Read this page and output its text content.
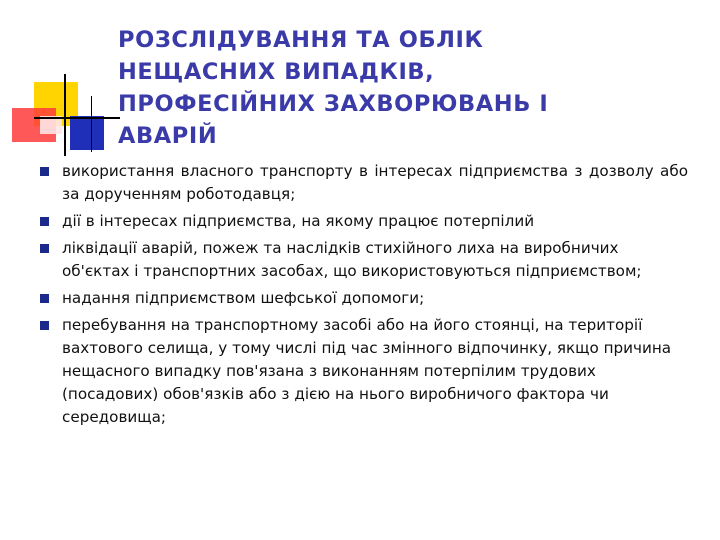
РОЗСЛІДУВАННЯ ТА ОБЛІК
НЕЩАСНИХ ВИПАДКІВ,
ПРОФЕСІЙНИХ ЗАХВОРЮВАНЬ І
АВАРІЙ
використання власного транспорту в інтересах підприємства з дозволу або за дорученням роботодавця;
дії в інтересах підприємства, на якому працює потерпілий
ліквідації аварій, пожеж та наслідків стихійного лиха на виробничих об'єктах і транспортних засобах, що використовуються підприємством;
надання підприємством шефської допомоги;
перебування на транспортному засобі або на його стоянці, на території вахтового селища, у тому числі під час змінного відпочинку, якщо причина нещасного випадку пов'язана з виконанням потерпілим трудових (посадових) обов'язків або з дією на нього виробничого фактора чи середовища;
